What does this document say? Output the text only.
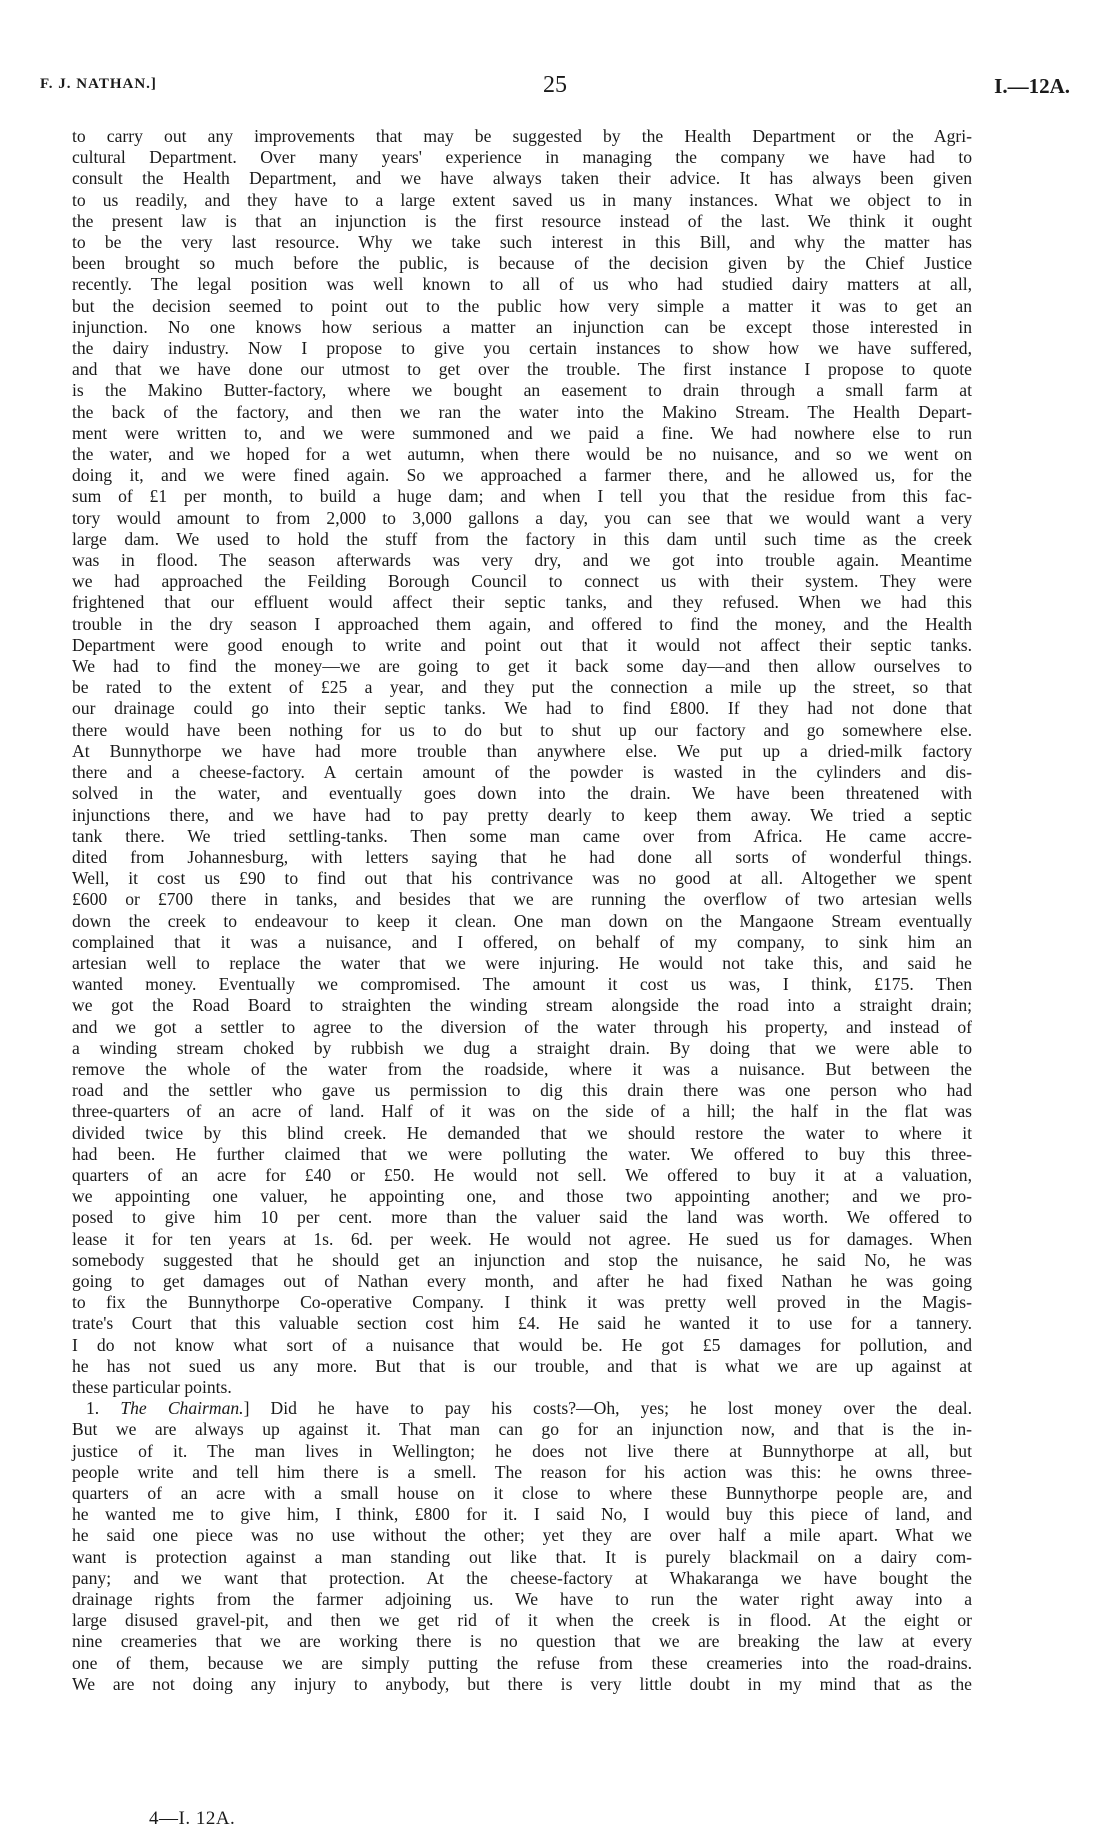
F. J. NATHAN.]	25	I.—12A.

to carry out any improvements that may be suggested by the Health Department or the Agri-

cultural Department. Over many years' experience in managing the company we have had to

consult the Health Department, and we have always taken their advice. It has always been given

to us readily, and they have to a large extent saved us in many instances. What we object to in

the present law is that an injunction is the first resource instead of the last. We think it ought

to be the very last resource. Why we take such interest in this Bill, and why the matter has

been brought so much before the public, is because of the decision given by the Chief Justice

recently. The legal position was well known to all of us who had studied dairy matters at all,

but the decision seemed to point out to the public how very simple a matter it was to get an

injunction. No one knows how serious a matter an injunction can be except those interested in

the dairy industry. Now I propose to give you certain instances to show how we have suffered,

and that we have done our utmost to get over the trouble. The first instance I propose to quote

is the Makino Butter-factory, where we bought an easement to drain through a small farm at

the back of the factory, and then we ran the water into the Makino Stream. The Health Depart-

ment were written to, and we were summoned and we paid a fine. We had nowhere else to run

the water, and we hoped for a wet autumn, when there would be no nuisance, and so we went on

doing it, and we were fined again. So we approached a farmer there, and he allowed us, for the

sum of £1 per month, to build a huge dam; and when I tell you that the residue from this fac-

tory would amount to from 2,000 to 3,000 gallons a day, you can see that we would want a very

large dam. We used to hold the stuff from the factory in this dam until such time as the creek

was in flood. The season afterwards was very dry, and we got into trouble again. Meantime

we had approached the Feilding Borough Council to connect us with their system. They were

frightened that our effluent would affect their septic tanks, and they refused. When we had this

trouble in the dry season I approached them again, and offered to find the money, and the Health

Department were good enough to write and point out that it would not affect their septic tanks.

We had to find the money—we are going to get it back some day—and then allow ourselves to

be rated to the extent of £25 a year, and they put the connection a mile up the street, so that

our drainage could go into their septic tanks. We had to find £800. If they had not done that

there would have been nothing for us to do but to shut up our factory and go somewhere else.

At Bunnythorpe we have had more trouble than anywhere else. We put up a dried-milk factory

there and a cheese-factory. A certain amount of the powder is wasted in the cylinders and dis-

solved in the water, and eventually goes down into the drain. We have been threatened with

injunctions there, and we have had to pay pretty dearly to keep them away. We tried a septic

tank there. We tried settling-tanks. Then some man came over from Africa. He came accre-

dited from Johannesburg, with letters saying that he had done all sorts of wonderful things.

Well, it cost us £90 to find out that his contrivance was no good at all. Altogether we spent

£600 or £700 there in tanks, and besides that we are running the overflow of two artesian wells

down the creek to endeavour to keep it clean. One man down on the Mangaone Stream eventually

complained that it was a nuisance, and I offered, on behalf of my company, to sink him an

artesian well to replace the water that we were injuring. He would not take this, and said he

wanted money. Eventually we compromised. The amount it cost us was, I think, £175. Then

we got the Road Board to straighten the winding stream alongside the road into a straight drain;

and we got a settler to agree to the diversion of the water through his property, and instead of

a winding stream choked by rubbish we dug a straight drain. By doing that we were able to

remove the whole of the water from the roadside, where it was a nuisance. But between the

road and the settler who gave us permission to dig this drain there was one person who had

three-quarters of an acre of land. Half of it was on the side of a hill; the half in the flat was

divided twice by this blind creek. He demanded that we should restore the water to where it

had been. He further claimed that we were polluting the water. We offered to buy this three-

quarters of an acre for £40 or £50. He would not sell. We offered to buy it at a valuation,

we appointing one valuer, he appointing one, and those two appointing another; and we pro-

posed to give him 10 per cent. more than the valuer said the land was worth. We offered to

lease it for ten years at 1s. 6d. per week. He would not agree. He sued us for damages. When

somebody suggested that he should get an injunction and stop the nuisance, he said No, he was

going to get damages out of Nathan every month, and after he had fixed Nathan he was going

to fix the Bunnythorpe Co-operative Company. I think it was pretty well proved in the Magis-

trate's Court that this valuable section cost him £4. He said he wanted it to use for a tannery.

I do not know what sort of a nuisance that would be. He got £5 damages for pollution, and

he has not sued us any more. But that is our trouble, and that is what we are up against at

these particular points.

1. The Chairman.] Did he have to pay his costs?—Oh, yes; he lost money over the deal.

But we are always up against it. That man can go for an injunction now, and that is the in-

justice of it. The man lives in Wellington; he does not live there at Bunnythorpe at all, but

people write and tell him there is a smell. The reason for his action was this: he owns three-

quarters of an acre with a small house on it close to where these Bunnythorpe people are, and

he wanted me to give him, I think, £800 for it. I said No, I would buy this piece of land, and

he said one piece was no use without the other; yet they are over half a mile apart. What we

want is protection against a man standing out like that. It is purely blackmail on a dairy com-

pany; and we want that protection. At the cheese-factory at Whakaranga we have bought the

drainage rights from the farmer adjoining us. We have to run the water right away into a

large disused gravel-pit, and then we get rid of it when the creek is in flood. At the eight or

nine creameries that we are working there is no question that we are breaking the law at every

one of them, because we are simply putting the refuse from these creameries into the road-drains.

We are not doing any injury to anybody, but there is very little doubt in my mind that as the

4—I. 12A.
